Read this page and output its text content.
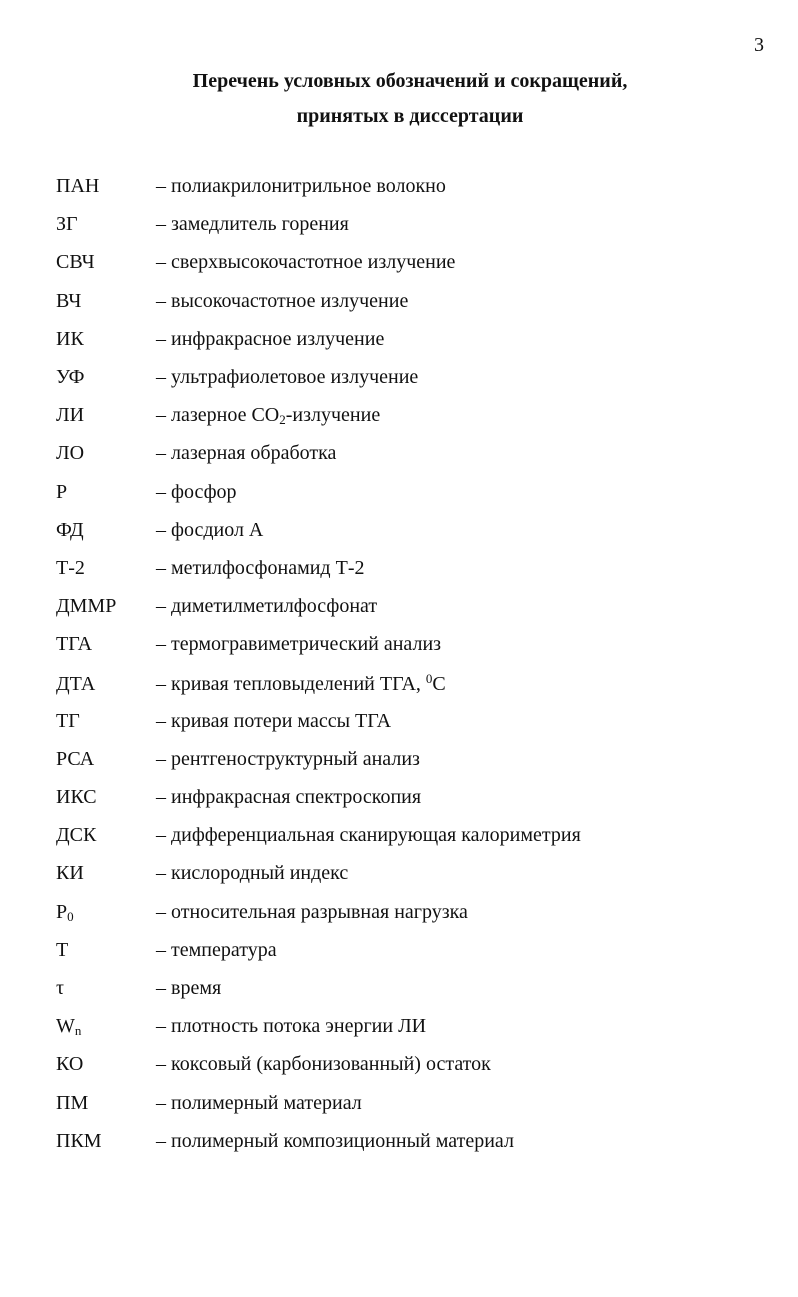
3
Перечень условных обозначений и сокращений,
принятых в диссертации
ПАН	– полиакрилонитрильное волокно
ЗГ	– замедлитель горения
СВЧ	– сверхвысокочастотное излучение
ВЧ	– высокочастотное излучение
ИК	– инфракрасное излучение
УФ	– ультрафиолетовое излучение
ЛИ	– лазерное $CO_2$-излучение
ЛО	– лазерная обработка
P	– фосфор
ФД	– фосдиол А
Т-2	– метилфосфонамид Т-2
ДММР	– диметилметилфосфонат
ТГА	– термогравиметрический анализ
ДТА	– кривая тепловыделений ТГА, $^0$С
ТГ	– кривая потери массы ТГА
РСА	– рентгеноструктурный анализ
ИКС	– инфракрасная спектроскопия
ДСК	– дифференциальная сканирующая калориметрия
КИ	– кислородный индекс
$P_0$	– относительная разрывная нагрузка
Т	– температура
τ	– время
$W_n$	– плотность потока энергии ЛИ
КО	– коксовый (карбонизованный) остаток
ПМ	– полимерный материал
ПКМ	– полимерный композиционный материал
